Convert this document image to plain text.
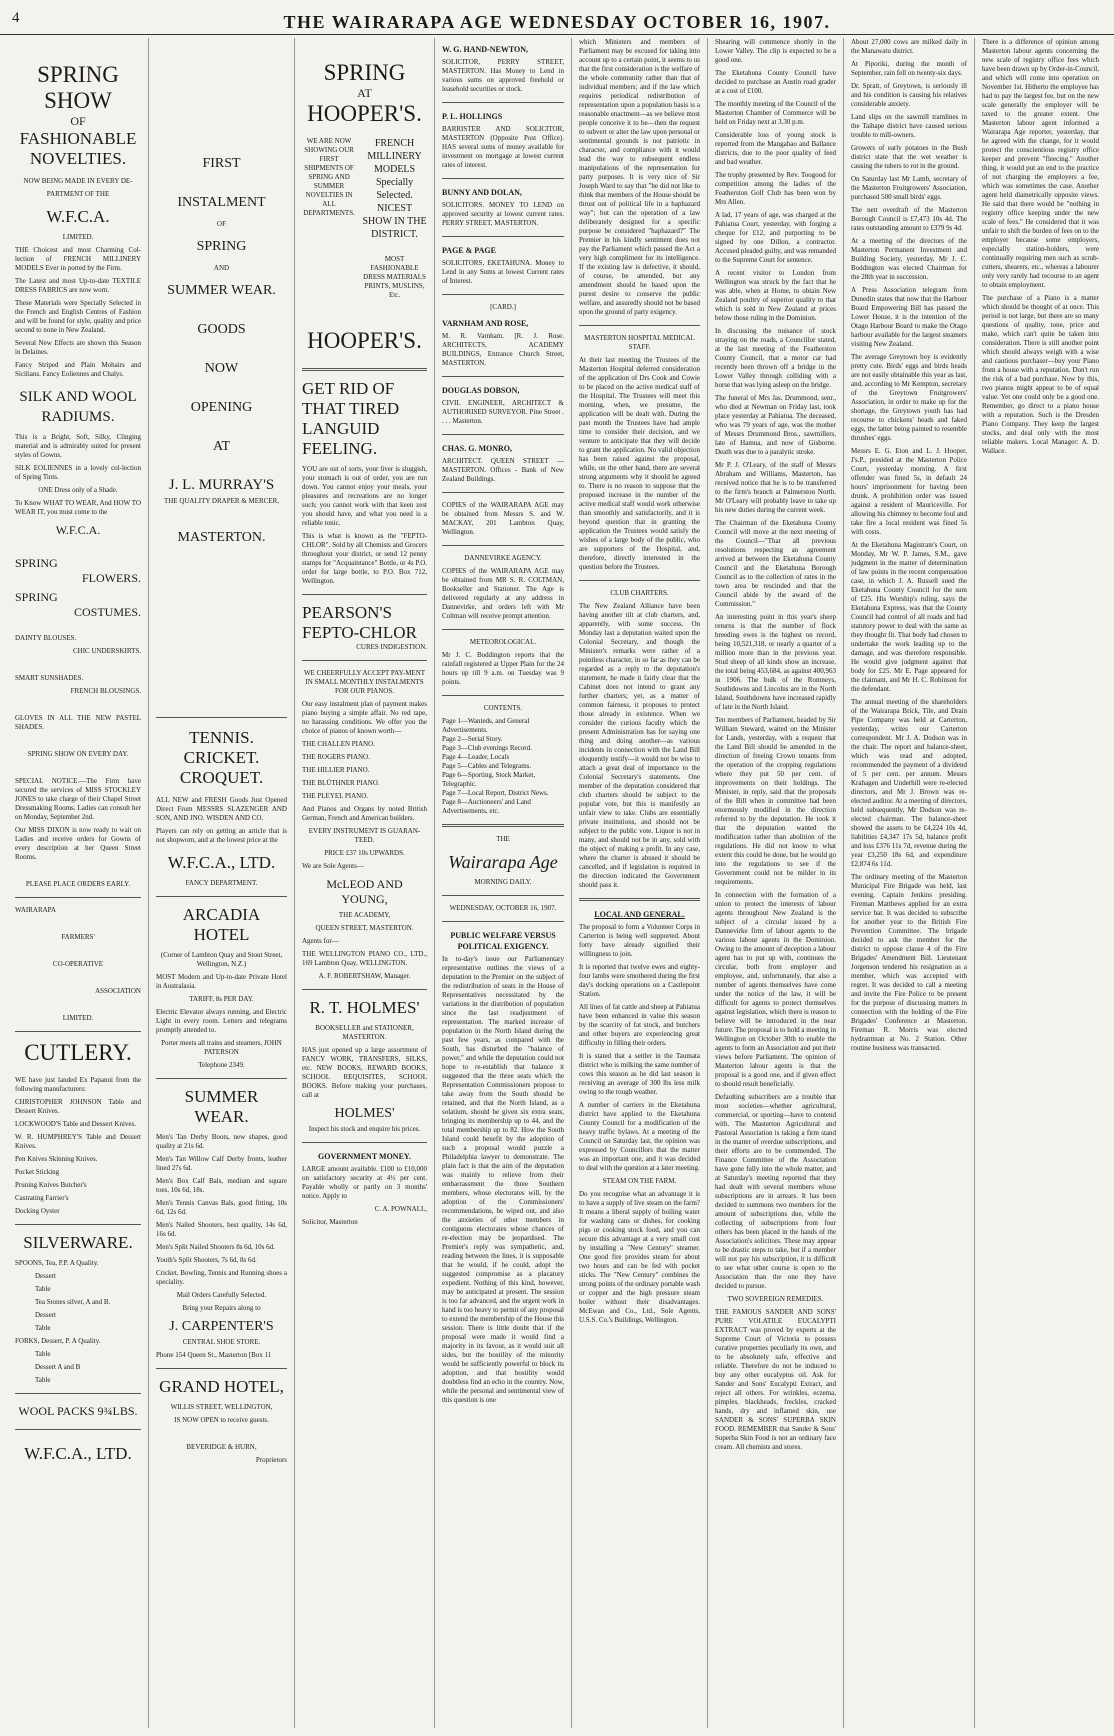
4	THE WAIRARAPA AGE WEDNESDAY OCTOBER 16, 1907.
SPRING
SHOW
OF
FASHIONABLE
NOVELTIES.
NOW BEING MADE IN EVERY DE-
PARTMENT OF THE
W.F.C.A.
LIMITED.
THE Choicest and most Charming Col-lection of FRENCH MILLINERY MODELS Ever in ported by the Firm.
The Latest and most Up-to-date TEXTILE DRESS FABRICS are now worn.
These Materials were Specially Selected in the French and English Centres of Fashion and will be found for style, quality and price second to none in New Zealand.
Several New Effects are shown this Season in Delaines.
Fancy Striped and Plain Mohairs and Sicilians. Fancy Eoliennes and Chalys.
SILK AND WOOL RADIUMS.
This is a Bright, Soft, Silky, Clinging material and is admirably suited for present styles of Gowns.
SILK EOLIENNES in a lovely col-lection of Spring Tints.
ONE Dress only of a Shade.
To Know WHAT TO WEAR, And HOW TO WEAR IT, you must come to the
W.F.C.A.
SPRING
FLOWERS.
SPRING
COSTUMES.
DAINTY BLOUSES.
CHIC UNDERSKIRTS.
SMART SUNSHADES.
FRENCH BLOUSINGS.
GLOVES IN ALL THE NEW PASTEL SHADES.
SPRING SHOW ON EVERY DAY.
SPECIAL NOTICE.—The Firm have secured the services of MISS STOCKLEY JONES to take charge of their Chapel Street Dressmaking Rooms. Ladies can consult her on Monday, September 2nd.
Our MISS DIXON is now ready to wait on Ladies and receive orders for Gowns of every description at her Queen Street Rooms.
PLEASE PLACE ORDERS EARLY.
WAIRARAPA
FARMERS'
CO-OPERATIVE
ASSOCIATION
LIMITED.
CUTLERY.
WE have just landed Ex Papanui from the following manufacturers:
CHRISTOPHER JOHNSON Table and Dessert Knives.
LOCKWOOD'S Table and Dessert Knives.
W. R. HUMPHREY'S Table and Dessert Knives.
Pen Knives Skinning Knives.
Pocket Sticking
Pruning Knives Butcher's
Castrating Farrier's
Docking Oyster
SILVERWARE.
SPOONS, Tea, P.P. A Quality.
Dessert
Table
Tea Stones silver, A and B.
Dessert
Table
FORKS, Dessert, P. A Quality.
Table
Dessert A and B
Table
WOOL PACKS 9¾LBS.
W.F.C.A., LTD.
FIRST
INSTALMENT
OF
SPRING
AND
SUMMER WEAR.
GOODS
NOW
OPENING
AT
J. L. MURRAY'S
THE QUALITY DRAPER & MERCER,
MASTERTON.
TENNIS.
CRICKET.
CROQUET.
ALL NEW and FRESH Goods Just Opened Direct From MESSRS SLAZENGER AND SON, AND JNO. WISDEN AND CO.
Players can rely on getting an article that is not shopworn, and at the lowest price at the
W.F.C.A., LTD.
FANCY DEPARTMENT.
ARCADIA HOTEL
(Corner of Lambton Quay and Stout Street, Wellington, N.Z.)
MOST Modern and Up-to-date Private Hotel in Australasia.
TARIFF, 8s PER DAY.
Electric Elevator always running, and Electric Light in every room. Letters and telegrams promptly attended to.
Porter meets all trains and steamers, JOHN PATERSON
Telephone 2349.
SUMMER WEAR.
Men's Tan Derby Boots, new shapes, good quality at 21s 6d.
Men's Tan Willow Calf Derby fronts, leather lined 27s 6d.
Men's Box Calf Bals, medium and square toes, 10s 6d, 18s.
Men's Tennis Canvas Bals, good fitting, 10s 6d, 12s 6d.
Men's Nailed Shooters, best quality, 14s 6d, 16s 6d.
Men's Split Nailed Shooters 8s 6d, 10s 6d.
Youth's Split Shooters, 7s 6d, 8s 6d.
Cricket, Bowling, Tennis and Running shoes a speciality.
Mail Orders Carefully Selected.
Bring your Repairs along to
J. CARPENTER'S
CENTRAL SHOE STORE.
Phone 154 Queen St., Masterton [Box 11
GRAND HOTEL,
WILLIS STREET, WELLINGTON,
IS NOW OPEN to receive guests.
BEVERIDGE & HURN,
Proprietors
SPRING
AT
HOOPER'S.
WE ARE NOW SHOWING OUR FIRST SHIPMENTS OF SPRING AND SUMMER NOVELTIES IN ALL DEPARTMENTS.
FRENCH MILLINERY MODELS Specially Selected. NICEST SHOW IN THE DISTRICT.
MOST FASHIONABLE DRESS MATERIALS PRINTS, MUSLINS, Etc.
HOOPER'S.
GET RID OF
THAT TIRED
LANGUID
FEELING.
YOU are out of sorts, your liver is sluggish, your stomach is out of order, you are run down. You cannot enjoy your meals, your pleasures and recreations are no longer such; you cannot work with that keen zest you should have, and what you need is a reliable tonic.
This is what is known as the "FEPTO-CHLOR". Sold by all Chemists and Grocers throughout your district, or send 12 penny stamps for "Acquaintance" Bottle, or 4s P.O. order for large bottle, to P.O. Box 712, Wellington.
PEARSON'S
FEPTO-CHLOR
CURES INDIGESTION.
WE CHEERFULLY ACCEPT PAY-MENT IN SMALL MONTHLY INSTALMENTS FOR OUR PIANOS.
Our easy instalment plan of payment makes piano buying a simple affair. No red tape, no harassing conditions. We offer you the choice of pianos of known worth—
THE CHALLEN PIANO.
THE ROGERS PIANO.
THE HILLIER PIANO.
THE BLÜTHNER PIANO.
THE PLEYEL PIANO.
And Pianos and Organs by noted British German, French and American builders.
EVERY INSTRUMENT IS GUARAN-TEED.
PRICE £37 10s UPWARDS.
We are Sole Agents—
McLEOD AND YOUNG,
THE ACADEMY,
QUEEN STREET, MASTERTON.
Agents for—
THE WELLINGTON PIANO CO., LTD., 169 Lambton Quay, WELLINGTON.
A. F. ROBERTSHAW, Manager.
R. T. HOLMES'
BOOKSELLER and STATIONER, MASTERTON.
HAS just opened up a large assortment of FANCY WORK, TRANSFERS, SILKS, etc. NEW BOOKS, REWARD BOOKS, SCHOOL REQUISITES, SCHOOL BOOKS. Before making your purchases, call at
HOLMES'
Inspect his stock and enquire his prices.
GOVERNMENT MONEY.
LARGE amount available. £100 to £10,000 on satisfactory security at 4½ per cent. Payable wholly or partly on 3 months' notice. Apply to
C. A. POWNALL,
Solicitor, Masterton
W. G. HAND-NEWTON,
SOLICITOR, PERRY STREET, MASTERTON. Has Money to Lend in various sums on approved freehold or leasehold securities or stock.
P. L. HOLLINGS
BARRISTER AND SOLICITOR, MASTERTON (Opposite Post Office). HAS several sums of money available for investment on mortgage at lowest current rates of interest.
BUNNY AND DOLAN,
SOLICITORS. MONEY TO LEND on approved security at lowest current rates. PERRY STREET, MASTERTON.
PAGE & PAGE
SOLICITORS, EKETAHUNA. Money to Lend in any Sums at lowest Current rates of Interest.
[CARD.]
VARNHAM AND ROSE,
M. R. Varnham. [R. J. Rose. ARCHITECTS, ACADEMY BUILDINGS, Entrance Church Street, MASTERTON.
DOUGLAS DOBSON,
CIVIL ENGINEER, ARCHITECT & AUTHORISED SURVEYOR. Pine Street . . . . Masterton.
CHAS. G. MONRO,
ARCHITECT. QUEEN STREET — MASTERTON. Offices - Bank of New Zealand Buildings.
COPIES of the WAIRARAPA AGE may be obtained from Messrs S. and W. MACKAY, 201 Lambton Quay, Wellington.
DANNEVIRKE AGENCY.
COPIES of the WAIRARAPA AGE may be obtained from MR S. R. COLTMAN, Bookseller and Stationer. The Age is delivered regularly at any address in Dannevirke, and orders left with Mr Coltman will receive prompt attention.
METEOROLOGICAL.
Mr J. C. Boddington reports that the rainfall registered at Upper Plain for the 24 hours up till 9 a.m. on Tuesday was 9 points.
CONTENTS.
Page 1—Wanteds, and General Advertisements.
Page 2—Serial Story.
Page 3—Club evenings Record.
Page 4—Leader, Locals
Page 5—Cables and Telegrams.
Page 6—Sporting, Stock Market, Telegraphic.
Page 7—Local Report, District News.
Page 8—Auctioneers' and Land Advertisements, etc.
THE
Wairarapa Age
MORNING DAILY.
WEDNESDAY, OCTOBER 16, 1907.
PUBLIC WELFARE VERSUS POLITICAL EXIGENCY.
In to-day's issue our Parliamentary representative outlines the views of a deputation to the Premier on the subject of the redistribution of seats in the House of Representatives necessitated by the variations in the distribution of population since the last readjustment of representation. The marked increase of population in the North Island during the past few years, as compared with the South, has disturbed the "balance of power," and while the deputation could not hope to re-establish that balance it suggested that the three seats which the Representation Commissioners propose to take away from the South should be retained, and that the North Island, as a solatium, should be given six extra seats, bringing its membership up to 44, and the total membership up to 82. How the South Island could benefit by the adoption of such a proposal would puzzle a Philadelphia lawyer to demonstrate. The plain fact is that the aim of the deputation was mainly to relieve from their embarrassment the three Southern members, whose electorates will, by the adoption of the Commissioners' recommendations, be wiped out, and also the anxieties of other members in contiguous electorates whose chances of re-election may be jeopardised. The Premier's reply was sympathetic, and, reading between the lines, it is supposable that he would, if he could, adopt the suggested compromise as a placatory expedient. Nothing of this kind, however, may be anticipated at present. The session is too far advanced, and the urgent work in hand is too heavy to permit of any proposal to extend the membership of the House this session. There is little doubt that if the proposal were made it would find a majority in its favour, as it would suit all sides, but the hostility of the minority would be sufficiently powerful to block its adoption, and that hostility would doubtless find an echo in the country. Now, while the personal and sentimental view of this question is one
which Ministers and members of Parliament may be excused for taking into account up to a certain point, it seems to us that the first consideration is the welfare of the whole community rather than that of individual members; and if the law which requires periodical redistribution of representation upon a population basis is a reasonable enactment—as we believe most people conceive it to be—then the request to subvert or alter the law upon personal or sentimental grounds is not patriotic in character, and compliance with it would lead the way to subsequent endless manipulations of the representation for party purposes. It is very nice of Sir Joseph Ward to say that "he did not like to think that members of the House should be thrust out of political life in a haphazard way"; but can the operation of a law deliberately designed for a specific purpose be considered "haphazard?" The Premier in his kindly sentiment does not pay the Parliament which passed the Act a very high compliment for its intelligence. If the existing law is defective, it should, of course, be amended, but any amendment should be based upon the purest desire to conserve the public welfare, and assuredly should not be based upon the ground of party exigency.
MASTERTON HOSPITAL MEDICAL STAFF.
At their last meeting the Trustees of the Masterton Hospital deferred consideration of the application of Drs Cook and Cowie to be placed on the active medical staff of the Hospital. The Trustees will meet this morning, when, we presume, the application will be dealt with. During the past month the Trustees have had ample time to consider their decision, and we venture to anticipate that they will decide to grant the application. No valid objection has been raised against the proposal, while, on the other hand, there are several strong arguments why it should be agreed to. There is no reason to suppose that the proposed increase in the number of the active medical staff would work otherwise than smoothly and satisfactorily, and it is beyond question that in granting the application the Trustees would satisfy the wishes of a large body of the public, who are supporters of the Hospital, and, therefore, directly interested in the question before the Trustees.
CLUB CHARTERS.
The New Zealand Alliance have been having another tilt at club charters, and, apparently, with some success. On Monday last a deputation waited upon the Colonial Secretary, and though the Minister's remarks were rather of a pointless character, in so far as they can be regarded as a reply to the deputation's statement, he made it fairly clear that the Cabinet does not intend to grant any further charters; yet, as a matter of common fairness, it proposes to protect those already in existence. When we consider the curious faculty which the present Administration has for saying one thing and doing another—as various incidents in connection with the Land Bill eloquently testify—it would not be wise to attach a great deal of importance to the Colonial Secretary's statements. One member of the deputation considered that club charters should be subject to the popular vote, but this is manifestly an unfair view to take. Clubs are essentially private institutions, and should not be subject to the public vote. Liquor is not in many, and should not be in any, sold with the object of making a profit. In any case, where the charter is abused it should be cancelled, and if legislation is required in the direction indicated the Government should pass it.
LOCAL AND GENERAL.
The proposal to form a Volunteer Corps in Carterton is being well supported. About forty have already signified their willingness to join.
It is reported that twelve ewes and eighty-four lambs were smothered during the first day's docking operations on a Castlepoint Station.
All lines of fat cattle and sheep at Pahiatua have been enhanced in value this season by the scarcity of fat stock, and butchers and other buyers are experiencing great difficulty in filling their orders.
It is stated that a settler in the Taumata district who is milking the same number of cows this season as he did last season is receiving an average of 300 lbs less milk owing to the rough weather.
A number of carriers in the Eketahuna district have applied to the Eketahuna County Council for a modification of the heavy traffic bylaws. At a meeting of the Council on Saturday last, the opinion was expressed by Councillors that the matter was an important one, and it was decided to deal with the question at a later meeting.
STEAM ON THE FARM.
Do you recognise what an advantage it is to have a supply of live steam on the farm? It means a liberal supply of boiling water for washing cans or dishes, for cooking pigs or cooking stock food, and you can secure this advantage at a very small cost by installing a "New Century" steamer. One good fire provides steam for about two hours and can be fed with pocket sticks. The "New Century" combines the strong points of the ordinary portable wash or copper and the high pressure steam boiler without their disadvantages. McEwan and Co., Ltd., Sole Agents, U.S.S. Co.'s Buildings, Wellington.
Shearing will commence shortly in the Lower Valley. The clip is expected to be a good one.
The Eketahuna County Council have decided to purchase an Austin road grader at a cost of £100.
The monthly meeting of the Council of the Masterton Chamber of Commerce will be held on Friday next at 3.30 p.m.
Considerable loss of young stock is reported from the Mangahao and Ballance districts, due to the poor quality of feed and bad weather.
The trophy presented by Rev. Toogood for competition among the ladies of the Featherston Golf Club has been won by Mrs Allen.
A lad, 17 years of age, was charged at the Pahiatua Court, yesterday, with forging a cheque for £12, and purporting to be signed by one Dillon, a contractor. Accused pleaded guilty, and was remanded to the Supreme Court for sentence.
A recent visitor to London from Wellington was struck by the fact that he was able, when at Home, to obtain New Zealand poultry of superior quality to that which is sold in New Zealand at prices below those ruling in the Dominion.
In discussing the nuisance of stock straying on the roads, a Councillor stated, at the last meeting of the Featherston County Council, that a motor car had recently been thrown off a bridge in the Lower Valley through colliding with a horse that was lying asleep on the bridge.
The funeral of Mrs Jas. Drummond, senr., who died at Newman on Friday last, took place yesterday at Pahiatua. The deceased, who was 79 years of age, was the mother of Messrs Drummond Bros., sawmillers, late of Hamua, and now of Gisborne. Death was due to a paralytic stroke.
Mr P. J. O'Leary, of the staff of Messrs Abraham and Williams, Masterton, has received notice that he is to be transferred to the firm's branch at Palmerston North. Mr O'Leary will probably leave to take up his new duties during the current week.
The Chairman of the Eketahuna County Council will move at the next meeting of the Council—"That all previous resolutions respecting an agreement arrived at between the Eketahuna County Council and the Eketahuna Borough Council as to the collection of rates in the town area be rescinded and that the Council abide by the award of the Commission."
An interesting point in this year's sheep returns is that the number of flock breeding ewes is the highest on record, being 10,521,318, or nearly a quarter of a million more than in the previous year. Stud sheep of all kinds show an increase, the total being 453,684, as against 400,963 in 1906. The bulk of the Romneys, Southdowns and Lincolns are in the North Island, Southdowns have increased rapidly of late in the North Island.
Ten members of Parliament, headed by Sir William Steward, waited on the Minister for Lands, yesterday, with a request that the Land Bill should be amended in the direction of freeing Crown tenants from the operation of the cropping regulations where they put 50 per cent. of improvements on their holdings. The Minister, in reply, said that the proposals of the Bill when in committee had been enormously modified in the direction referred to by the deputation. He took it that the deputation wanted the modification rather than abolition of the regulations. He did not know to what extent this could be done, but he would go into the regulations to see if the Government could not be milder in its requirements.
In connection with the formation of a union to protect the interests of labour agents throughout New Zealand is the subject of a circular issued by a Dannevirke firm of labour agents to the various labour agents in the Dominion. Owing to the amount of deception a labour agent has to put up with, continues the circular, both from employer and employee, and, unfortunately, that also a number of agents themselves have come under the notice of the law, it will be difficult for agents to protect themselves against legislation, which there is reason to believe will be introduced in the near future. The proposal is to hold a meeting in Wellington on October 30th to enable the agents to form an Association and put their views before Parliament. The opinion of Masterton labour agents is that the proposal is a good one, and if given effect to should result beneficially.
Defaulting subscribers are a trouble that most societies—whether agricultural, commercial, or sporting—have to contend with. The Masterton Agricultural and Pastoral Association is taking a firm stand in the matter of overdue subscriptions, and their efforts are to be commended. The Finance Committee of the Association have gone fully into the whole matter, and at Saturday's meeting reported that they had dealt with several members whose subscriptions are in arrears. It has been decided to summons two members for the amount of subscriptions due, while the collecting of subscriptions from four others has been placed in the hands of the Association's solicitors. These may appear to be drastic steps to take, but if a member will not pay his subscription, it is difficult to see what other course is open to the Association than the one they have decided to pursue.
TWO SOVEREIGN REMEDIES.
THE FAMOUS SANDER AND SONS' PURE VOLATILE EUCALYPTI EXTRACT was proved by experts at the Supreme Court of Victoria to possess curative properties peculiarly its own, and to be absolutely safe, effective and reliable. Therefore do not be induced to buy any other eucalyptus oil. Ask for Sander and Sons' Eucalypti Extract, and reject all others. For wrinkles, eczema, pimples, blackheads, freckles, cracked hands, dry and inflamed skin, use SANDER & SONS' SUPERBA SKIN FOOD. REMEMBER that Sander & Sons' Superba Skin Food is not an ordinary face cream. All chemists and stores.
About 27,000 cows are milked daily in the Manawatu district.
At Piporiki, during the month of September, rain fell on twenty-six days.
Dr. Spratt, of Greytown, is seriously ill and his condition is causing his relatives considerable anxiety.
Land slips on the sawmill tramlines in the Taihape district have caused serious trouble to mill-owners.
Growers of early potatoes in the Bush district state that the wet weather is causing the tubers to rot in the ground.
On Saturday last Mr Lamb, secretary of the Masterton Fruitgrowers' Association, purchased 500 small birds' eggs.
The nett overdraft of the Masterton Borough Council is £7,473 10s 4d. The rates outstanding amount to £379 9s 4d.
At a meeting of the directors of the Masterton Permanent Investment and Building Society, yesterday, Mr J. C. Boddington was elected Chairman for the 28th year in succession.
A Press Association telegram from Dunedin states that now that the Harbour Board Empowering Bill has passed the Lower House, it is the intention of the Otago Harbour Board to make the Otago harbour available for the largest steamers visiting New Zealand.
The average Greytown boy is evidently pretty cute. Birds' eggs and birds heads are not easily obtainable this year as last, and, according to Mr Kempton, secretary of the Greytown Fruitgrowers' Association, in order to make up for the shortage, the Greytown youth has had recourse to chickens' heads and faked eggs, the latter being painted to resemble thrushes' eggs.
Messrs E. G. Eton and L. J. Hooper, J's.P., presided at the Masterton Police Court, yesterday morning. A first offender was fined 5s, in default 24 hours' imprisonment for having been drunk. A prohibition order was issued against a resident of Mauriceville. For allowing his chimney to become foul and take fire a local resident was fined 5s with costs.
At the Eketahuna Magistrate's Court, on Monday, Mr W. P. James, S.M., gave judgment in the matter of determination of law points in the recent compensation case, in which J. A. Russell sued the Eketahuna County Council for the sum of £25. His Worship's ruling, says the Eketahuna Express, was that the County Council had control of all roads and had statutory power to deal with the same as they thought fit. That body had chosen to undertake the work leading up to the damage, and was therefore responsible. He would give judgment against that body for £25. Mr E. Page appeared for the claimant, and Mr H. C. Robinson for the defendant.
The annual meeting of the shareholders of the Wairarapa Brick, Tile, and Drain Pipe Company was held at Carterton, yesterday, writes our Carterton correspondent. Mr J. A. Dodson was in the chair. The report and balance-sheet, which was read and adopted, recommended the payment of a dividend of 5 per cent. per annum. Messrs Krahagen and Underhill were re-elected directors, and Mr J. Brown was re-elected auditor. At a meeting of directors, held subsequently, Mr Dodson was re-elected chairman. The balance-sheet showed the assets to be £4,224 10s 4d, liabilities £4,347 17s 5d, balance profit and loss £376 11s 7d, revenue during the year £3,250 18s 6d, and expenditure £2,874 6s 11d.
The ordinary meeting of the Masterton Municipal Fire Brigade was held, last evening, Captain Jenkins presiding. Fireman Matthews applied for an extra service bar. It was decided to subscribe for another year to the British Fire Prevention Committee. The brigade decided to ask the member for the district to oppose clause 4 of the Fire Brigades' Amendment Bill. Lieutenant Jorgenson tendered his resignation as a member, which was accepted with regret. It was decided to call a meeting and invite the Fire Police to be present for the purpose of discussing matters in connection with the holding of the Fire Brigades' Conference at Masterton. Fireman R. Morris was elected hydrantman at No. 2 Station. Other routine business was transacted.
There is a difference of opinion among Masterton labour agents concerning the new scale of registry office fees which have been drawn up by Order-in-Council, and which will come into operation on November 1st. Hitherto the employee has had to pay the largest fee, but on the new scale generally the employer will be taxed to the greater extent. One Masterton labour agent informed a Wairarapa Age reporter, yesterday, that he agreed with the change, for it would protect the conscientious registry office keeper and prevent "fleecing." Another thing, it would put an end to the practice of not charging the employers a fee, which was sometimes the case. Another agent held diametrically opposite views. He said that there would be "nothing in registry office keeping under the new scale of fees." He considered that it was unfair to shift the burden of fees on to the employer because some employers, especially station-holders, were continually requiring men such as scrub-cutters, shearers, etc., whereas a labourer only very rarely had recourse to an agent to obtain employment.
The purchase of a Piano is a matter which should be thought of at once. This period is not large, but there are so many questions of quality, tone, price and make, which can't quite be taken into consideration. There is still another point which should always weigh with a wise and cautious purchaser—buy your Piano from a house with a reputation. Don't run the risk of a bad purchase. Now by this, two pianos might appear to be of equal value. Yet one could only be a good one. Remember, go direct to a piano house with a reputation. Such is the Dresden Piano Company. They keep the largest stocks, and deal only with the most reliable makers. Local Manager: A. D. Wallace.
